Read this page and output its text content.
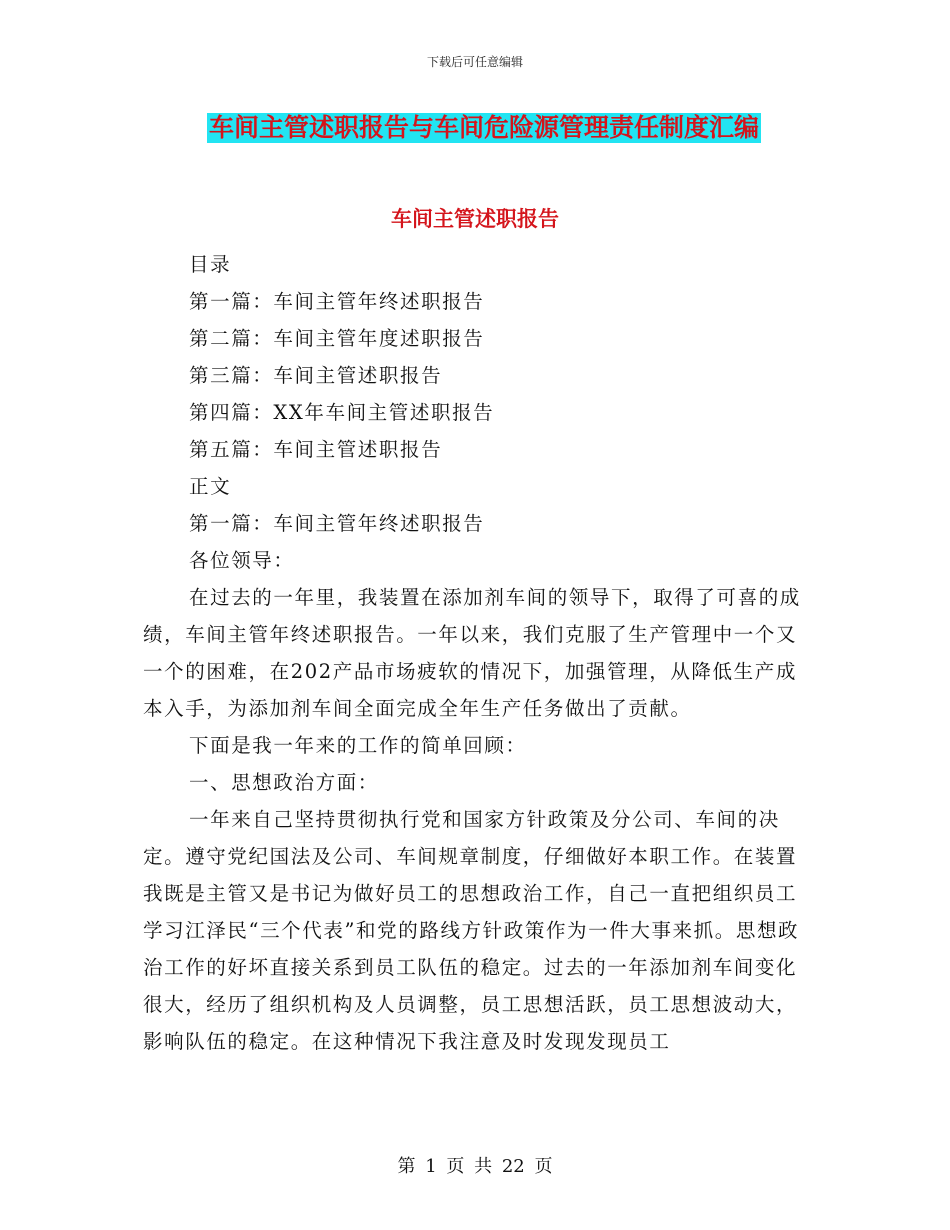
下载后可任意编辑
车间主管述职报告与车间危险源管理责任制度汇编
车间主管述职报告

目录

第一篇：车间主管年终述职报告

第二篇：车间主管年度述职报告

第三篇：车间主管述职报告

第四篇：XX年车间主管述职报告

第五篇：车间主管述职报告

正文

第一篇：车间主管年终述职报告

各位领导：

在过去的一年里，我装置在添加剂车间的领导下，取得了可喜的成绩，车间主管年终述职报告。一年以来，我们克服了生产管理中一个又一个的困难，在202产品市场疲软的情况下，加强管理，从降低生产成本入手，为添加剂车间全面完成全年生产任务做出了贡献。

下面是我一年来的工作的简单回顾：

一、思想政治方面：

一年来自己坚持贯彻执行党和国家方针政策及分公司、车间的决定。遵守党纪国法及公司、车间规章制度，仔细做好本职工作。在装置我既是主管又是书记为做好员工的思想政治工作，自己一直把组织员工学习江泽民“三个代表”和党的路线方针政策作为一件大事来抓。思想政治工作的好坏直接关系到员工队伍的稳定。过去的一年添加剂车间变化很大，经历了组织机构及人员调整，员工思想活跃，员工思想波动大，影响队伍的稳定。在这种情况下我注意及时发现发现员工

第 1 页 共 22 页
